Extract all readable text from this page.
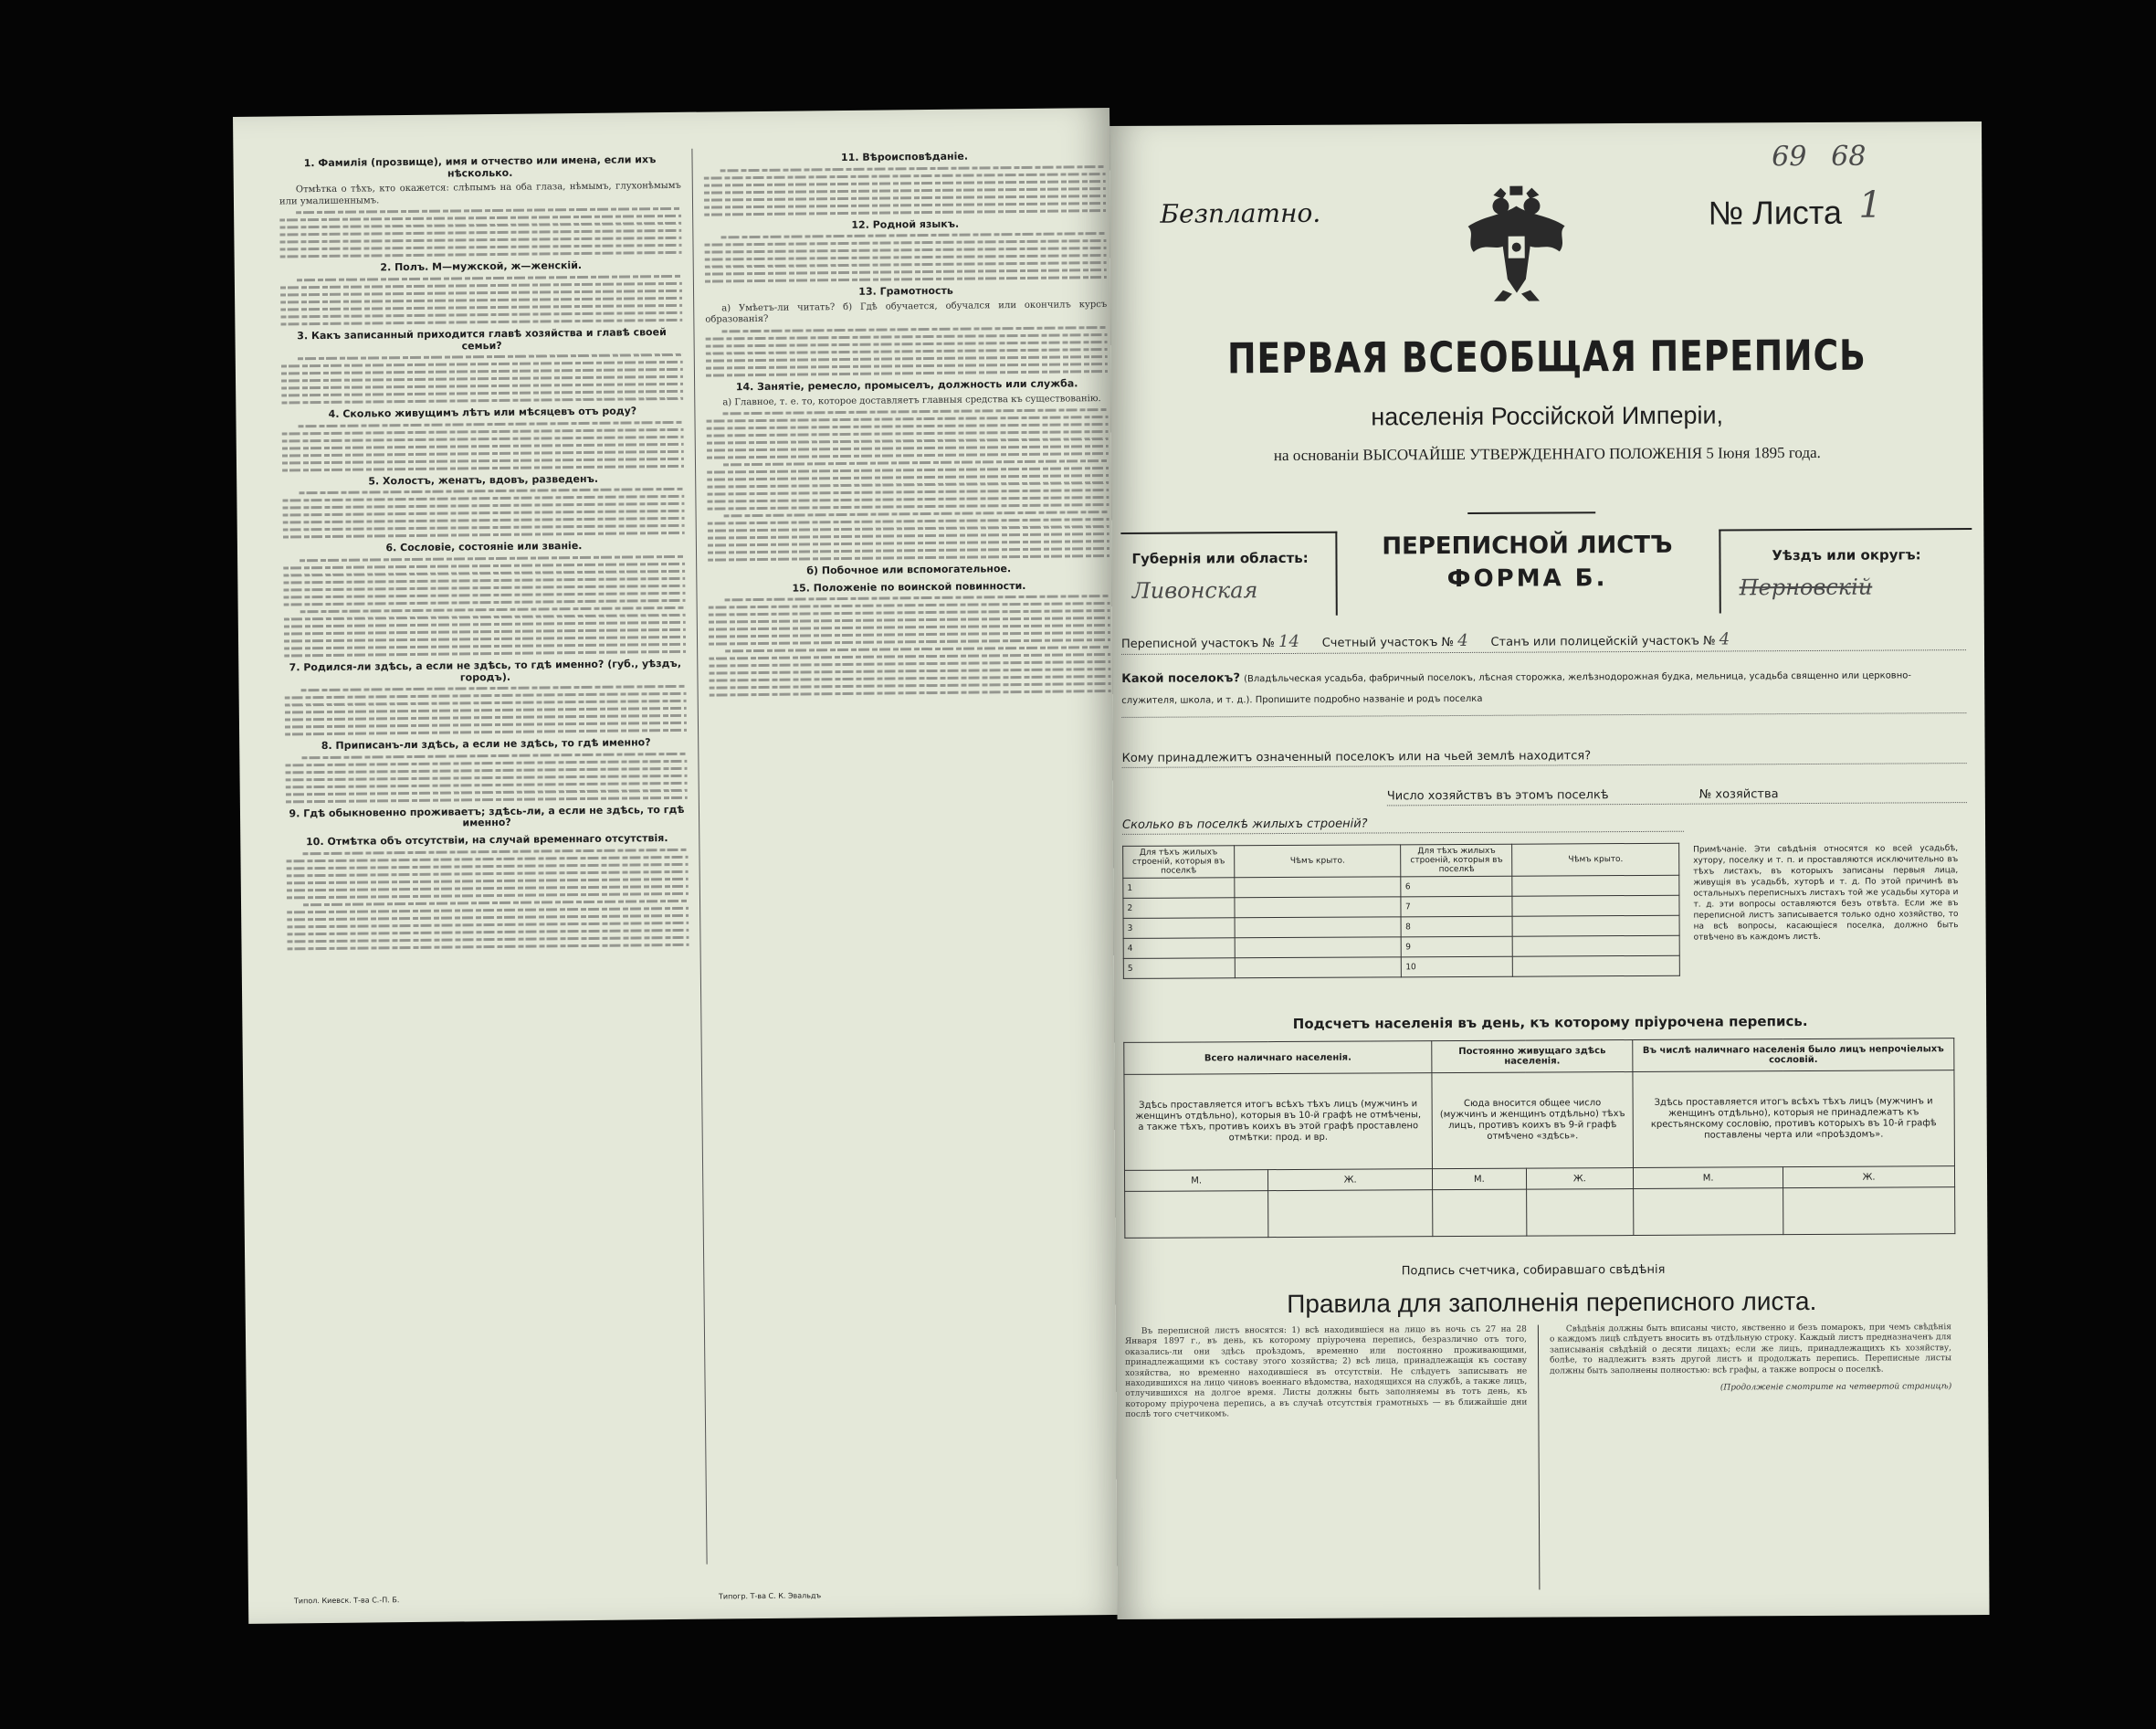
1. Фамилія (прозвище), имя и отчество или имена, если ихъ нѣсколько.
Отмѣтка о тѣхъ, кто окажется: слѣпымъ на оба глаза, нѣмымъ, глухонѣмымъ или умалишеннымъ.
2. Полъ. М—мужской, ж—женскій.
3. Какъ записанный приходится главѣ хозяйства и главѣ своей семьи?
4. Сколько живущимъ лѣтъ или мѣсяцевъ отъ роду?
5. Холостъ, женатъ, вдовъ, разведенъ.
6. Сословіе, состояніе или званіе.
7. Родился-ли здѣсь, а если не здѣсь, то гдѣ именно? (губ., уѣздъ, городъ).
8. Приписанъ-ли здѣсь, а если не здѣсь, то гдѣ именно?
9. Гдѣ обыкновенно проживаетъ; здѣсь-ли, а если не здѣсь, то гдѣ именно?
10. Отмѣтка объ отсутствіи, на случай временнаго отсутствія.
11. Вѣроисповѣданіе.
12. Родной языкъ.
13. Грамотность
а) Умѣетъ-ли читать? б) Гдѣ обучается, обучался или окончилъ курсъ образованія?
14. Занятіе, ремесло, промыселъ, должность или служба.
а) Главное, т. е. то, которое доставляетъ главныя средства къ существованію.
б) Побочное или вспомогательное.
15. Положеніе по воинской повинности.
Типол. Киевск. Т-ва С.-П. Б.	Типогр. Т-ва С. К. Эвальдъ
Безплатно.	№ Листа 1
69 68
ПЕРВАЯ ВСЕОБЩАЯ ПЕРЕПИСЬ
населенія Россійской Имперіи,
на основаніи ВЫСОЧАЙШЕ УТВЕРЖДЕННАГО ПОЛОЖЕНІЯ 5 Іюня 1895 года.
Губернія или область:
Ливонская
ПЕРЕПИСНОЙ ЛИСТЪ
ФОРМА Б.
Уѣздъ или округъ:
Перновскій
Переписной участокъ № 14 Счетный участокъ № 4 Станъ или полицейскій участокъ № 4
Какой поселокъ? (Владѣльческая усадьба, фабричный поселокъ, лѣсная сторожка, желѣзнодорожная будка, мельница, усадьба священно или церковно-служителя, школа, и т. д.). Пропишите подробно названіе и родъ поселка
Кому принадлежитъ означенный поселокъ или на чьей землѣ находится?
Число хозяйствъ въ этомъ поселкѣ	№ хозяйства
Сколько въ поселкѣ жилыхъ строеній?
Для тѣхъ жилыхъ строеній, которыя въ поселкѣ	Чѣмъ крыто.	Для тѣхъ жилыхъ строеній, которыя въ поселкѣ	Чѣмъ крыто.
1		6	
2		7	
3		8	
4		9	
5		10	
Примѣчаніе. Эти свѣдѣнія относятся ко всей усадьбѣ, хутору, поселку и т. п. и проставляются исключительно въ тѣхъ листахъ, въ которыхъ записаны первыя лица, живущія въ усадьбѣ, хуторѣ и т. д. По этой причинѣ въ остальныхъ переписныхъ листахъ той же усадьбы хутора и т. д. эти вопросы оставляются безъ отвѣта. Если же въ переписной листъ записывается только одно хозяйство, то на всѣ вопросы, касающіеся поселка, должно быть отвѣчено въ каждомъ листѣ.
Подсчетъ населенія въ день, къ которому пріурочена перепись.
Всего наличнаго населенія.		Постоянно живущаго здѣсь населенія.		Въ числѣ наличнаго населенія было лицъ непрочіелыхъ сословій.	
Здѣсь проставляется итогъ всѣхъ тѣхъ лицъ (мужчинъ и женщинъ отдѣльно), которыя въ 10-й графѣ не отмѣчены, а также тѣхъ, противъ коихъ въ этой графѣ проставлено отмѣтки: прод. и вр.		Сюда вносится общее число (мужчинъ и женщинъ отдѣльно) тѣхъ лицъ, противъ коихъ въ 9-й графѣ отмѣчено «здѣсь».		Здѣсь проставляется итогъ всѣхъ тѣхъ лицъ (мужчинъ и женщинъ отдѣльно), которыя не принадлежатъ къ крестьянскому сословію, противъ которыхъ въ 10-й графѣ поставлены черта или «проѣздомъ».	
М.	Ж.	М.	Ж.	М.	Ж.

Подпись счетчика, собиравшаго свѣдѣнія
Правила для заполненія переписного листа.
Въ переписной листъ вносятся: 1) всѣ находившіеся на лицо въ ночь съ 27 на 28 Января 1897 г., въ день, къ которому пріурочена перепись, безразлично отъ того, оказались-ли они здѣсь проѣздомъ, временно или постоянно проживающими, принадлежащими къ составу этого хозяйства; 2) всѣ лица, принадлежащія къ составу хозяйства, но временно находившіеся въ отсутствіи. Не слѣдуетъ записывать не находившихся на лицо чиновъ военнаго вѣдомства, находящихся на службѣ, а также лицъ, отлучившихся на долгое время. Листы должны быть заполняемы въ тотъ день, къ которому пріурочена перепись, а въ случаѣ отсутствія грамотныхъ — въ ближайшіе дни послѣ того счетчикомъ.
Свѣдѣнія должны быть вписаны чисто, явственно и безъ помарокъ, при чемъ свѣдѣнія о каждомъ лицѣ слѣдуетъ вносить въ отдѣльную строку. Каждый листъ предназначенъ для записыванія свѣдѣній о десяти лицахъ; если же лицъ, принадлежащихъ къ хозяйству, болѣе, то надлежитъ взять другой листъ и продолжать перепись. Переписные листы должны быть заполнены полностью: всѣ графы, а также вопросы о поселкѣ.
(Продолженіе смотрите на четвертой страницѣ)
